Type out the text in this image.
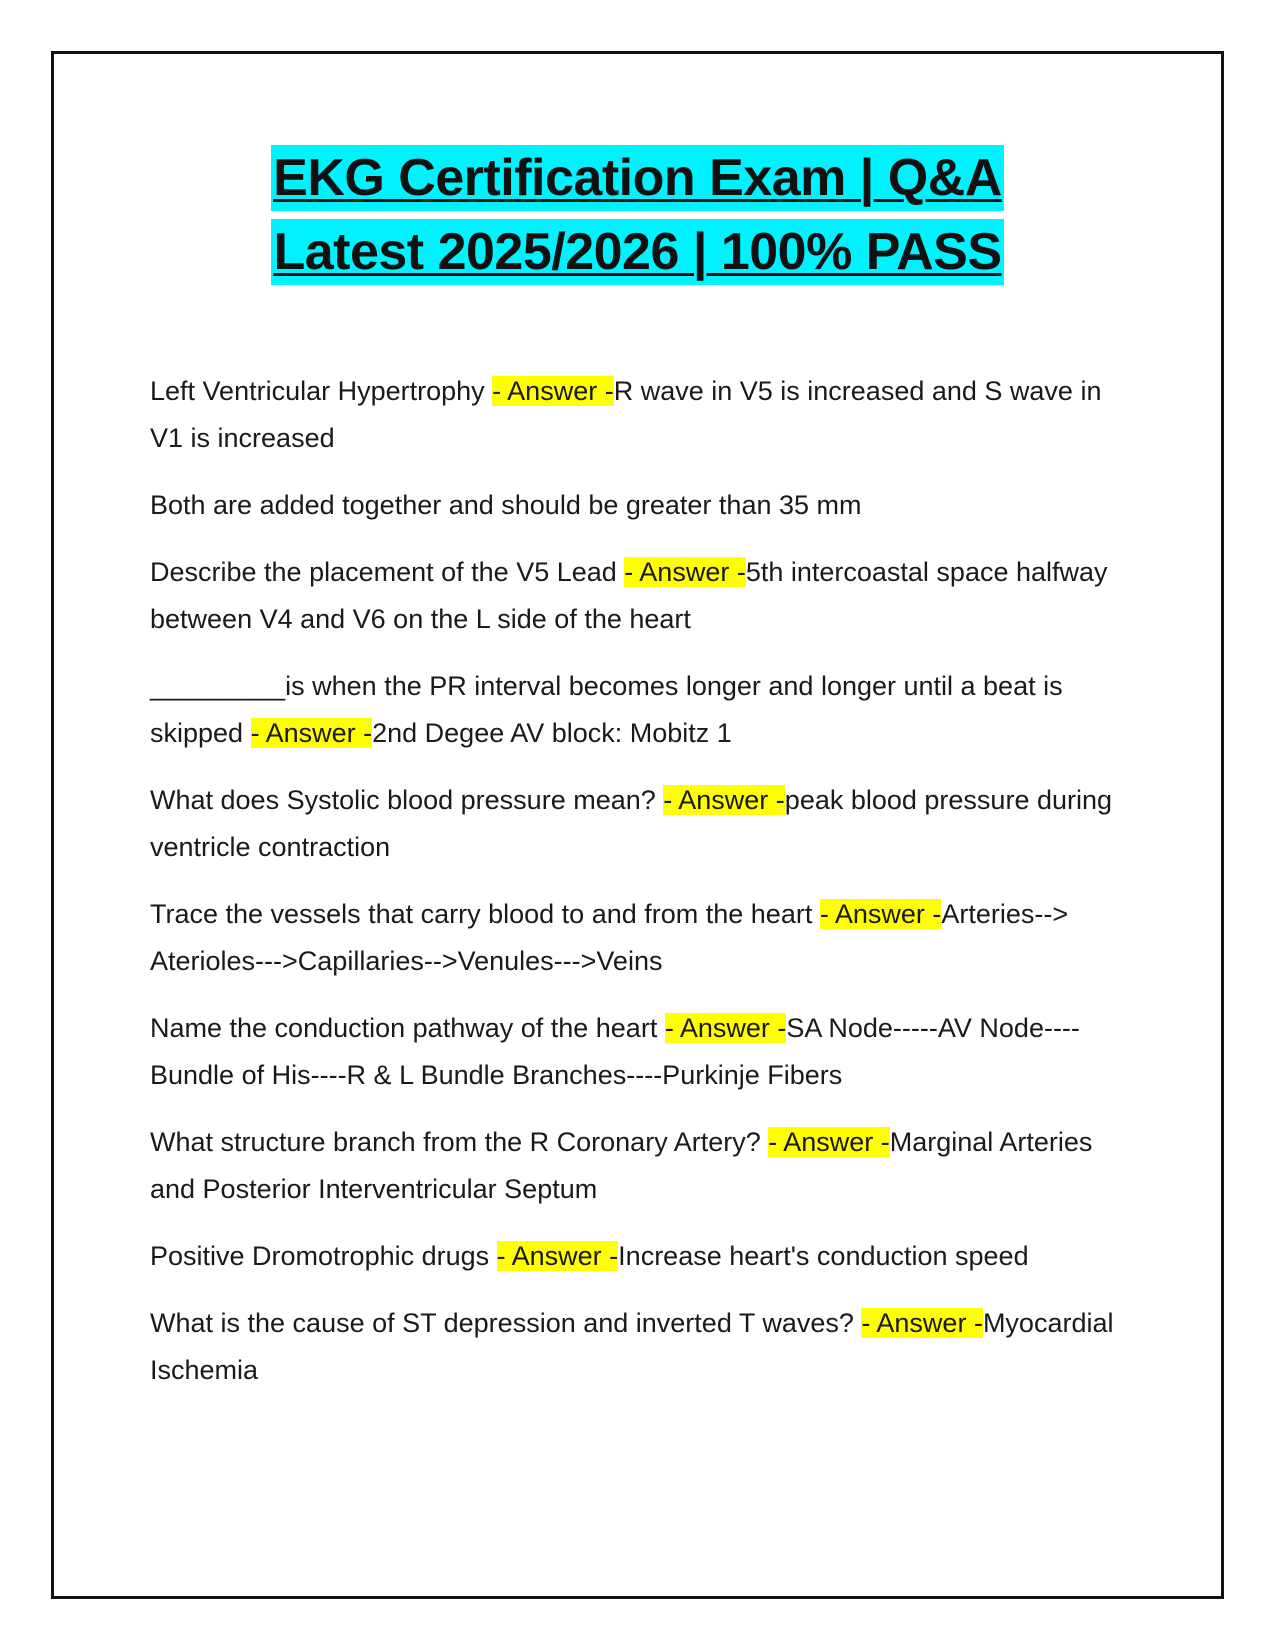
EKG Certification Exam | Q&A
Latest 2025/2026 | 100% PASS
Left Ventricular Hypertrophy - Answer -R wave in V5 is increased and S wave in V1 is increased
Both are added together and should be greater than 35 mm
Describe the placement of the V5 Lead - Answer -5th intercoastal space halfway between V4 and V6 on the L side of the heart
_________is when the PR interval becomes longer and longer until a beat is skipped - Answer -2nd Degee AV block: Mobitz 1
What does Systolic blood pressure mean? - Answer -peak blood pressure during ventricle contraction
Trace the vessels that carry blood to and from the heart - Answer -Arteries--> Aterioles--->Capillaries-->Venules--->Veins
Name the conduction pathway of the heart - Answer -SA Node-----AV Node----Bundle of His----R & L Bundle Branches----Purkinje Fibers
What structure branch from the R Coronary Artery? - Answer -Marginal Arteries and Posterior Interventricular Septum
Positive Dromotrophic drugs - Answer -Increase heart's conduction speed
What is the cause of ST depression and inverted T waves? - Answer -Myocardial Ischemia
